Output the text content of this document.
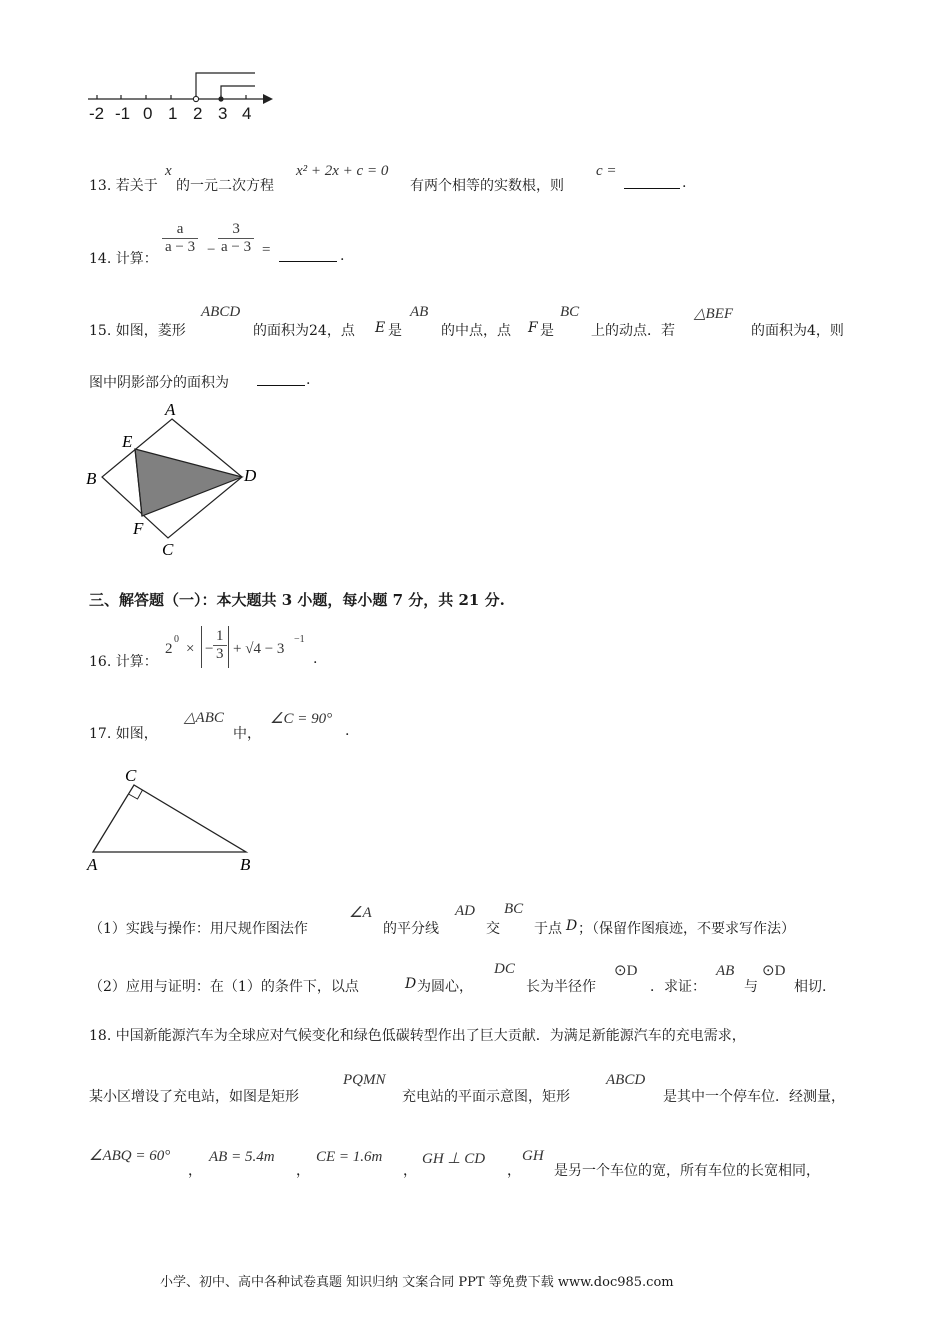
-2 -1 0 1 2 3 4
13. 若关于
x
的一元二次方程
x² + 2x + c = 0
有两个相等的实数根，则
c =
.
14. 计算：
$\frac{a}{a - 3} - \frac{3}{a - 3}$ =	.
15. 如图，菱形
ABCD
的面积为24，点 E 是
AB
的中点，点 F 是
BC
上的动点．若
△BEF
的面积为4，则
图中阴影部分的面积为	.
A
B
C
D
E
F
三、解答题（一）：本大题共 3 小题，每小题 7 分，共 21 分.
16. 计算：
2
0
× − $\frac{1}{3} + √4 - 3$
−1
.
17. 如图，
△ABC
中，
∠C = 90°
.
C
A	B
（1）实践与操作：用尺规作图法作
∠A
的平分线
AD
交
BC
于点 D ；（保留作图痕迹，不要求写作法）
（2）应用与证明：在（1）的条件下，以点	D 为圆心，
DC
长为半径作
⊙D
．求证：
AB
与
⊙D
相切.
18. 中国新能源汽车为全球应对气候变化和绿色低碳转型作出了巨大贡献．为满足新能源汽车的充电需求，
某小区增设了充电站，如图是矩形
PQMN
充电站的平面示意图，矩形
ABCD
是其中一个停车位．经测量，
∠ABQ = 60°
，
AB = 5.4m
，
CE = 1.6m
，
GH ⊥ CD
，
GH
是另一个车位的宽，所有车位的长宽相同，
小学、初中、高中各种试卷真题 知识归纳 文案合同 PPT 等免费下载 www.doc985.com
